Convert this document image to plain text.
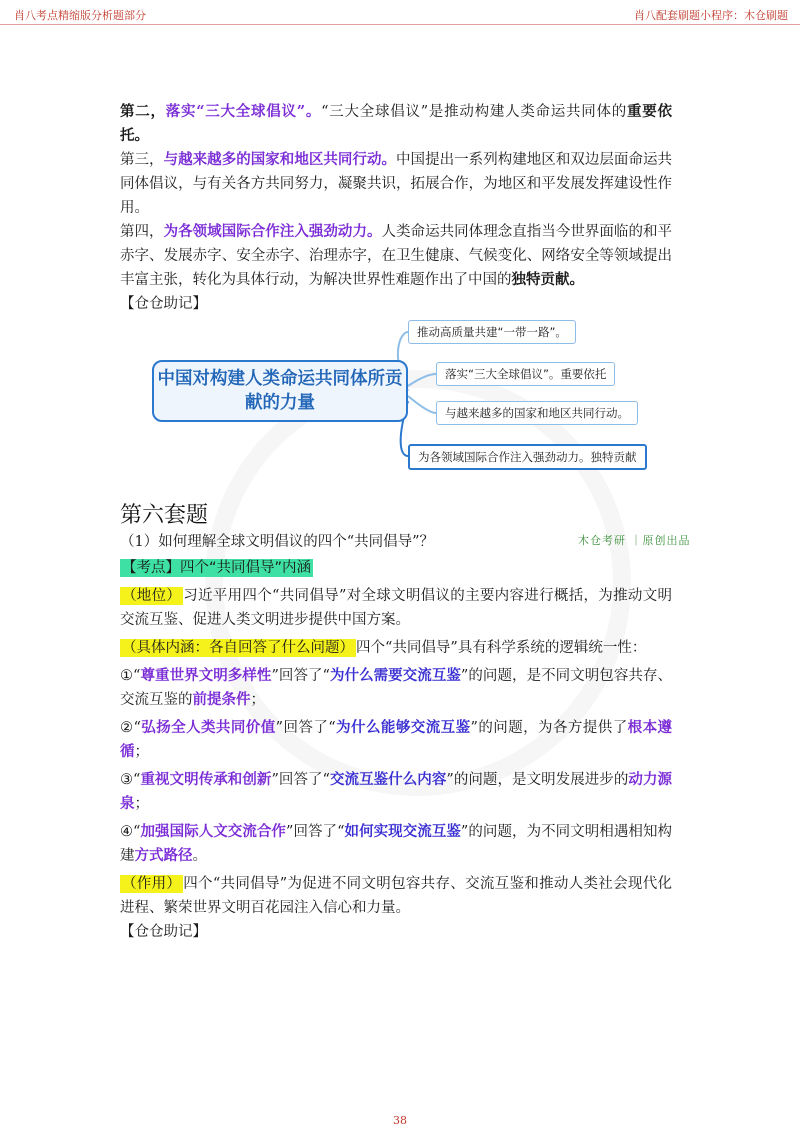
肖八考点精缩版分析题部分	肖八配套刷题小程序：木仓刷题

第二，落实“三大全球倡议”。“三大全球倡议”是推动构建人类命运共同体的重要依托。

第三，与越来越多的国家和地区共同行动。中国提出一系列构建地区和双边层面命运共同体倡议，与有关各方共同努力，凝聚共识，拓展合作，为地区和平发展发挥建设性作用。

第四，为各领域国际合作注入强劲动力。人类命运共同体理念直指当今世界面临的和平赤字、发展赤字、安全赤字、治理赤字，在卫生健康、气候变化、网络安全等领域提出丰富主张，转化为具体行动，为解决世界性难题作出了中国的独特贡献。

【仓仓助记】

第六套题

（1）如何理解全球文明倡议的四个“共同倡导”？

【考点】四个“共同倡导”内涵

（地位） 习近平用四个“共同倡导”对全球文明倡议的主要内容进行概括，为推动文明交流互鉴、促进人类文明进步提供中国方案。

（具体内涵：各自回答了什么问题） 四个“共同倡导”具有科学系统的逻辑统一性：

①“尊重世界文明多样性”回答了“为什么需要交流互鉴”的问题，是不同文明包容共存、交流互鉴的前提条件；

②“弘扬全人类共同价值”回答了“为什么能够交流互鉴”的问题，为各方提供了根本遵循；

③“重视文明传承和创新”回答了“交流互鉴什么内容”的问题，是文明发展进步的动力源泉；

④“加强国际人文交流合作”回答了“如何实现交流互鉴”的问题，为不同文明相遇相知构建方式路径。

（作用） 四个“共同倡导”为促进不同文明包容共存、交流互鉴和推动人类社会现代化进程、繁荣世界文明百花园注入信心和力量。

【仓仓助记】

中国对构建人类命运共同体所贡献的力量
推动高质量共建“一带一路”。
落实“三大全球倡议”。重要依托
与越来越多的国家和地区共同行动。
为各领域国际合作注入强劲动力。独特贡献
木仓考研 ｜原创出品
38
